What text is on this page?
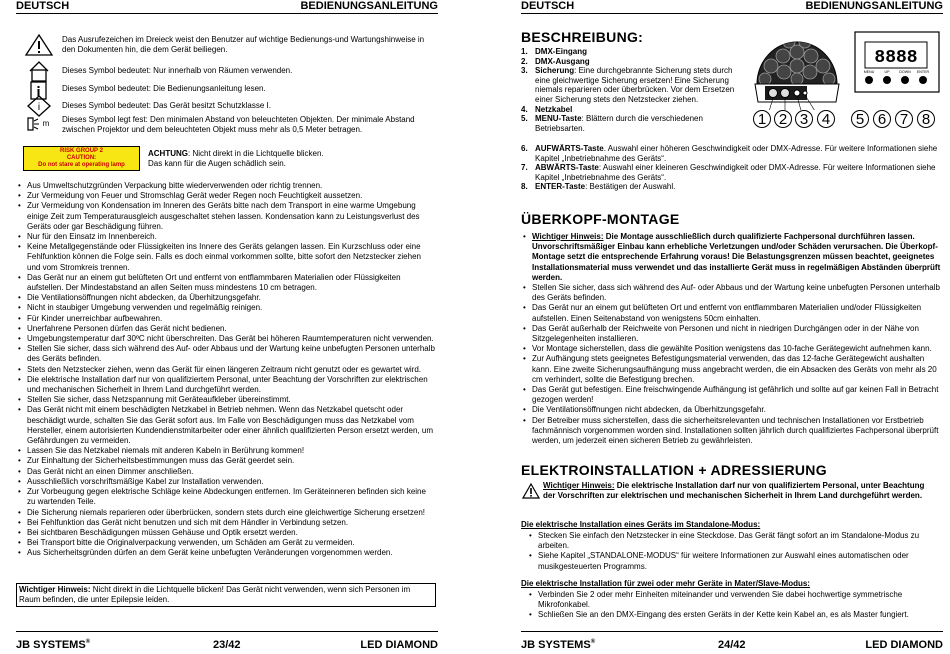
DEUTSCH	BEDIENUNGSANLEITUNG
Das Ausrufezeichen im Dreieck weist den Benutzer auf wichtige Bedienungs-und Wartungshinweise in den Dokumenten hin, die dem Gerät beiliegen.
Dieses Symbol bedeutet: Nur innerhalb von Räumen verwenden.
Dieses Symbol bedeutet: Die Bedienungsanleitung lesen.
i	Dieses Symbol bedeutet: Das Gerät besitzt Schutzklasse I.
m Dieses Symbol legt fest: Den minimalen Abstand von beleuchteten Objekten. Der minimale Abstand zwischen Projektor und dem beleuchteten Objekt muss mehr als 0,5 Meter betragen.
RISK GROUP 2
CAUTION:
Do not stare at operating lamp
ACHTUNG: Nicht direkt in die Lichtquelle blicken.
Das kann für die Augen schädlich sein.
• Aus Umweltschutzgründen Verpackung bitte wiederverwenden oder richtig trennen.
• Zur Vermeidung von Feuer und Stromschlag Gerät weder Regen noch Feuchtigkeit aussetzen.
• Zur Vermeidung von Kondensation im Inneren des Geräts bitte nach dem Transport in eine warme Umgebung einige Zeit zum Temperaturausgleich ausgeschaltet stehen lassen. Kondensation kann zu Leistungsverlust des Geräts oder gar Beschädigung führen.
• Nur für den Einsatz im Innenbereich.
• Keine Metallgegenstände oder Flüssigkeiten ins Innere des Geräts gelangen lassen. Ein Kurzschluss oder eine Fehlfunktion können die Folge sein. Falls es doch einmal vorkommen sollte, bitte sofort den Netzstecker ziehen und vom Stromkreis trennen.
• Das Gerät nur an einem gut belüfteten Ort und entfernt von entflammbaren Materialien oder Flüssigkeiten aufstellen. Der Mindestabstand an allen Seiten muss mindestens 10 cm betragen.
• Die Ventilationsöffnungen nicht abdecken, da Überhitzungsgefahr.
• Nicht in staubiger Umgebung verwenden und regelmäßig reinigen.
• Für Kinder unerreichbar aufbewahren.
• Unerfahrene Personen dürfen das Gerät nicht bedienen.
• Umgebungstemperatur darf 30ºC nicht überschreiten. Das Gerät bei höheren Raumtemperaturen nicht verwenden.
• Stellen Sie sicher, dass sich während des Auf- oder Abbaus und der Wartung keine unbefugten Personen unterhalb des Geräts befinden.
• Stets den Netzstecker ziehen, wenn das Gerät für einen längeren Zeitraum nicht genutzt oder es gewartet wird.
• Die elektrische Installation darf nur von qualifiziertem Personal, unter Beachtung der Vorschriften zur elektrischen und mechanischen Sicherheit in Ihrem Land durchgeführt werden.
• Stellen Sie sicher, dass Netzspannung mit Geräteaufkleber übereinstimmt.
• Das Gerät nicht mit einem beschädigten Netzkabel in Betrieb nehmen. Wenn das Netzkabel quetscht oder beschädigt wurde, schalten Sie das Gerät sofort aus. Im Falle von Beschädigungen muss das Netzkabel vom Hersteller, einem autorisierten Kundendienstmitarbeiter oder einer ähnlich qualifizierten Person ersetzt werden, um Gefährdungen zu vermeiden.
• Lassen Sie das Netzkabel niemals mit anderen Kabeln in Berührung kommen!
• Zur Einhaltung der Sicherheitsbestimmungen muss das Gerät geerdet sein.
• Das Gerät nicht an einen Dimmer anschließen.
• Ausschließlich vorschriftsmäßige Kabel zur Installation verwenden.
• Zur Vorbeugung gegen elektrische Schläge keine Abdeckungen entfernen. Im Geräteinneren befinden sich keine zu wartenden Teile.
• Die Sicherung niemals reparieren oder überbrücken, sondern stets durch eine gleichwertige Sicherung ersetzen!
• Bei Fehlfunktion das Gerät nicht benutzen und sich mit dem Händler in Verbindung setzen.
• Bei sichtbaren Beschädigungen müssen Gehäuse und Optik ersetzt werden.
• Bei Transport bitte die Originalverpackung verwenden, um Schäden am Gerät zu vermeiden.
• Aus Sicherheitsgründen dürfen an dem Gerät keine unbefugten Veränderungen vorgenommen werden.
Wichtiger Hinweis: Nicht direkt in die Lichtquelle blicken! Das Gerät nicht verwenden, wenn sich Personen im Raum befinden, die unter Epilepsie leiden.
JB SYSTEMS®	23/42	LED DIAMOND
DEUTSCH	BEDIENUNGSANLEITUNG
BESCHREIBUNG:
1. DMX-Eingang
2. DMX-Ausgang
3. Sicherung: Eine durchgebrannte Sicherung stets durch eine gleichwertige Sicherung ersetzen! Eine Sicherung niemals reparieren oder überbrücken. Vor dem Ersetzen einer Sicherung stets den Netzstecker ziehen.
4. Netzkabel
5. MENU-Taste: Blättern durch die verschiedenen Betriebsarten.
6. AUFWÄRTS-Taste. Auswahl einer höheren Geschwindigkeit oder DMX-Adresse. Für weitere Informationen siehe Kapitel „Inbetriebnahme des Geräts“.
7. ABWÄRTS-Taste: Auswahl einer kleineren Geschwindigkeit oder DMX-Adresse. Für weitere Informationen siehe Kapitel „Inbetriebnahme des Geräts“.
8. ENTER-Taste: Bestätigen der Auswahl.
8888
MENU	UP	DOWN ENTER
1 2 3 4	5 6 7 8
ÜBERKOPF-MONTAGE
• Wichtiger Hinweis: Die Montage ausschließlich durch qualifizierte Fachpersonal durchführen lassen. Unvorschriftsmäßiger Einbau kann erhebliche Verletzungen und/oder Schäden verursachen. Die Überkopf-Montage setzt die entsprechende Erfahrung voraus! Die Belastungsgrenzen müssen beachtet, geeignetes Installationsmaterial muss verwendet und das installierte Gerät muss in regelmäßigen Abständen überprüft werden.
• Stellen Sie sicher, dass sich während des Auf- oder Abbaus und der Wartung keine unbefugten Personen unterhalb des Geräts befinden.
• Das Gerät nur an einem gut belüfteten Ort und entfernt von entflammbaren Materialien und/oder Flüssigkeiten aufstellen. Einen Seitenabstand von wenigstens 50cm einhalten.
• Das Gerät außerhalb der Reichweite von Personen und nicht in niedrigen Durchgängen oder in der Nähe von Sitzgelegenheiten installieren.
• Vor Montage sicherstellen, dass die gewählte Position wenigstens das 10-fache Gerätegewicht aufnehmen kann.
• Zur Aufhängung stets geeignetes Befestigungsmaterial verwenden, das das 12-fache Gerätegewicht aushalten kann. Eine zweite Sicherungsaufhängung muss angebracht werden, die ein Absacken des Geräts von mehr als 20 cm verhindert, sollte die Befestigung brechen.
• Das Gerät gut befestigen. Eine freischwingende Aufhängung ist gefährlich und sollte auf gar keinen Fall in Betracht gezogen werden!
• Die Ventilationsöffnungen nicht abdecken, da Überhitzungsgefahr.
• Der Betreiber muss sicherstellen, dass die sicherheitsrelevanten und technischen Installationen vor Erstbetrieb fachmännisch vorgenommen worden sind. Installationen sollten jährlich durch qualifiziertes Fachpersonal überprüft werden, um jederzeit einen sicheren Betrieb zu gewährleisten.
ELEKTROINSTALLATION + ADRESSIERUNG
Wichtiger Hinweis: Die elektrische Installation darf nur von qualifiziertem Personal, unter Beachtung der Vorschriften zur elektrischen und mechanischen Sicherheit in Ihrem Land durchgeführt werden.
Die elektrische Installation eines Geräts im Standalone-Modus:
• Stecken Sie einfach den Netzstecker in eine Steckdose. Das Gerät fängt sofort an im Standalone-Modus zu arbeiten.
• Siehe Kapitel „STANDALONE-MODUS“ für weitere Informationen zur Auswahl eines automatischen oder musikgesteuerten Programms.
Die elektrische Installation für zwei oder mehr Geräte in Mater/Slave-Modus:
• Verbinden Sie 2 oder mehr Einheiten miteinander und verwenden Sie dabei hochwertige symmetrische Mikrofonkabel.
• Schließen Sie an den DMX-Eingang des ersten Geräts in der Kette kein Kabel an, es als Master fungiert.
JB SYSTEMS®	24/42	LED DIAMOND
